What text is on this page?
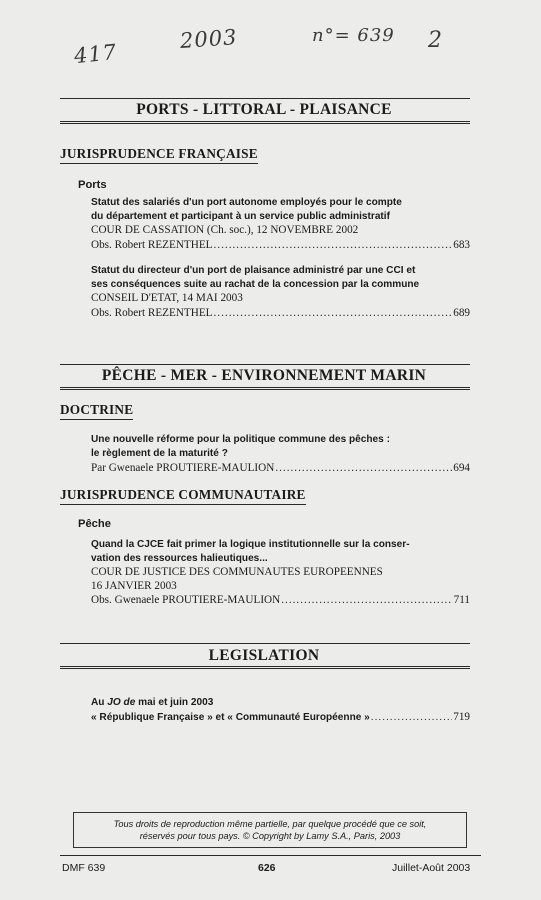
417
2003	n°= 639 2
PORTS - LITTORAL - PLAISANCE
JURISPRUDENCE FRANÇAISE
Ports
Statut des salariés d'un port autonome employés pour le compte
du département et participant à un service public administratif
COUR DE CASSATION (Ch. soc.), 12 NOVEMBRE 2002
Obs. Robert REZENTHEL .....	683
Statut du directeur d'un port de plaisance administré par une CCI et
ses conséquences suite au rachat de la concession par la commune
CONSEIL D'ETAT, 14 MAI 2003
Obs. Robert REZENTHEL .....	689
PÊCHE - MER - ENVIRONNEMENT MARIN
DOCTRINE
Une nouvelle réforme pour la politique commune des pêches :
le règlement de la maturité ?
Par Gwenaele PROUTIERE-MAULION .....	694
JURISPRUDENCE COMMUNAUTAIRE
Pêche
Quand la CJCE fait primer la logique institutionnelle sur la conser-
vation des ressources halieutiques...
COUR DE JUSTICE DES COMMUNAUTES EUROPEENNES
16 JANVIER 2003
Obs. Gwenaele PROUTIERE-MAULION .....	711
LEGISLATION
Au JO de mai et juin 2003
« République Française » et « Communauté Européenne » .....	719
Tous droits de reproduction même partielle, par quelque procédé que ce soit,
réservés pour tous pays. © Copyright by Lamy S.A., Paris, 2003
DMF 639	626	Juillet-Août 2003
